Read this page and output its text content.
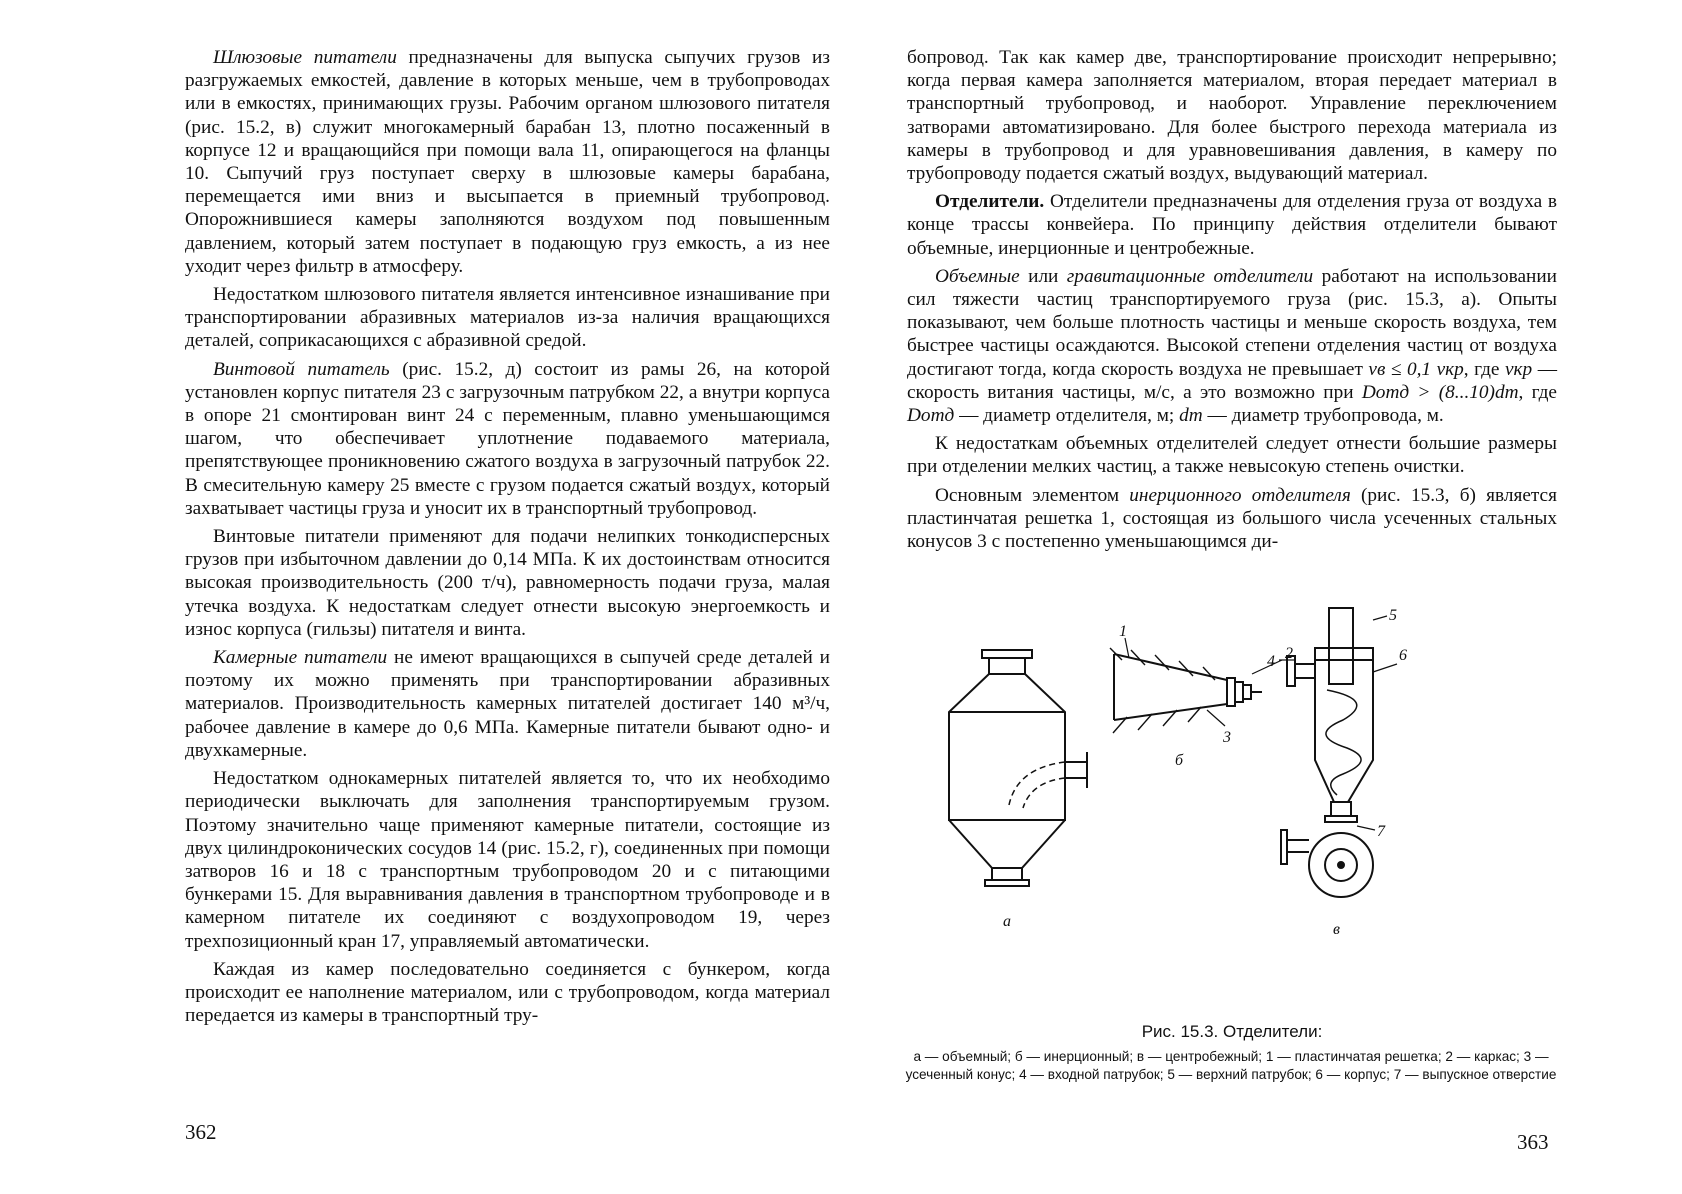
Шлюзовые питатели предназначены для выпуска сыпучих грузов из разгружаемых емкостей, давление в которых меньше, чем в трубопроводах или в емкостях, принимающих грузы. Рабочим органом шлюзового питателя (рис. 15.2, в) служит многокамерный барабан 13, плотно посаженный в корпусе 12 и вращающийся при помощи вала 11, опирающегося на фланцы 10. Сыпучий груз поступает сверху в шлюзовые камеры барабана, перемещается ими вниз и высыпается в приемный трубопровод. Опорожнившиеся камеры заполняются воздухом под повышенным давлением, который затем поступает в подающую груз емкость, а из нее уходит через фильтр в атмосферу.

Недостатком шлюзового питателя является интенсивное изнашивание при транспортировании абразивных материалов из-за наличия вращающихся деталей, соприкасающихся с абразивной средой.

Винтовой питатель (рис. 15.2, д) состоит из рамы 26, на которой установлен корпус питателя 23 с загрузочным патрубком 22, а внутри корпуса в опоре 21 смонтирован винт 24 с переменным, плавно уменьшающимся шагом, что обеспечивает уплотнение подаваемого материала, препятствующее проникновению сжатого воздуха в загрузочный патрубок 22. В смесительную камеру 25 вместе с грузом подается сжатый воздух, который захватывает частицы груза и уносит их в транспортный трубопровод.

Винтовые питатели применяют для подачи нелипких тонкодисперсных грузов при избыточном давлении до 0,14 МПа. К их достоинствам относится высокая производительность (200 т/ч), равномерность подачи груза, малая утечка воздуха. К недостаткам следует отнести высокую энергоемкость и износ корпуса (гильзы) питателя и винта.

Камерные питатели не имеют вращающихся в сыпучей среде деталей и поэтому их можно применять при транспортировании абразивных материалов. Производительность камерных питателей достигает 140 м³/ч, рабочее давление в камере до 0,6 МПа. Камерные питатели бывают одно- и двухкамерные.

Недостатком однокамерных питателей является то, что их необходимо периодически выключать для заполнения транспортируемым грузом. Поэтому значительно чаще применяют камерные питатели, состоящие из двух цилиндроконических сосудов 14 (рис. 15.2, г), соединенных при помощи затворов 16 и 18 с транспортным трубопроводом 20 и с питающими бункерами 15. Для выравнивания давления в транспортном трубопроводе и в камерном питателе их соединяют с воздухопроводом 19, через трехпозиционный кран 17, управляемый автоматически.

Каждая из камер последовательно соединяется с бункером, когда происходит ее наполнение материалом, или с трубопроводом, когда материал передается из камеры в транспортный тру-

362

бопровод. Так как камер две, транспортирование происходит непрерывно; когда первая камера заполняется материалом, вторая передает материал в транспортный трубопровод, и наоборот. Управление переключением затворами автоматизировано. Для более быстрого перехода материала из камеры в трубопровод и для уравновешивания давления, в камеру по трубопроводу подается сжатый воздух, выдувающий материал.

Отделители. Отделители предназначены для отделения груза от воздуха в конце трассы конвейера. По принципу действия отделители бывают объемные, инерционные и центробежные.

Объемные или гравитационные отделители работают на использовании сил тяжести частиц транспортируемого груза (рис. 15.3, а). Опыты показывают, чем больше плотность частицы и меньше скорость воздуха, тем быстрее частицы осаждаются. Высокой степени отделения частиц от воздуха достигают тогда, когда скорость воздуха не превышает vв ≤ 0,1 vкр, где vкр — скорость витания частицы, м/с, а это возможно при Dотд > (8...10)dт, где Dотд — диаметр отделителя, м; dт — диаметр трубопровода, м.

К недостаткам объемных отделителей следует отнести большие размеры при отделении мелких частиц, а также невысокую степень очистки.

Основным элементом инерционного отделителя (рис. 15.3, б) является пластинчатая решетка 1, состоящая из большого числа усеченных стальных конусов 3 с постепенно уменьшающимся ди-

а
б
в
1
2
3
4
5
6
7
Рис. 15.3. Отделители:
а — объемный; б — инерционный; в — центробежный; 1 — пластинчатая решетка; 2 — каркас; 3 — усеченный конус; 4 — входной патрубок; 5 — верхний патрубок; 6 — корпус; 7 — выпускное отверстие
363
